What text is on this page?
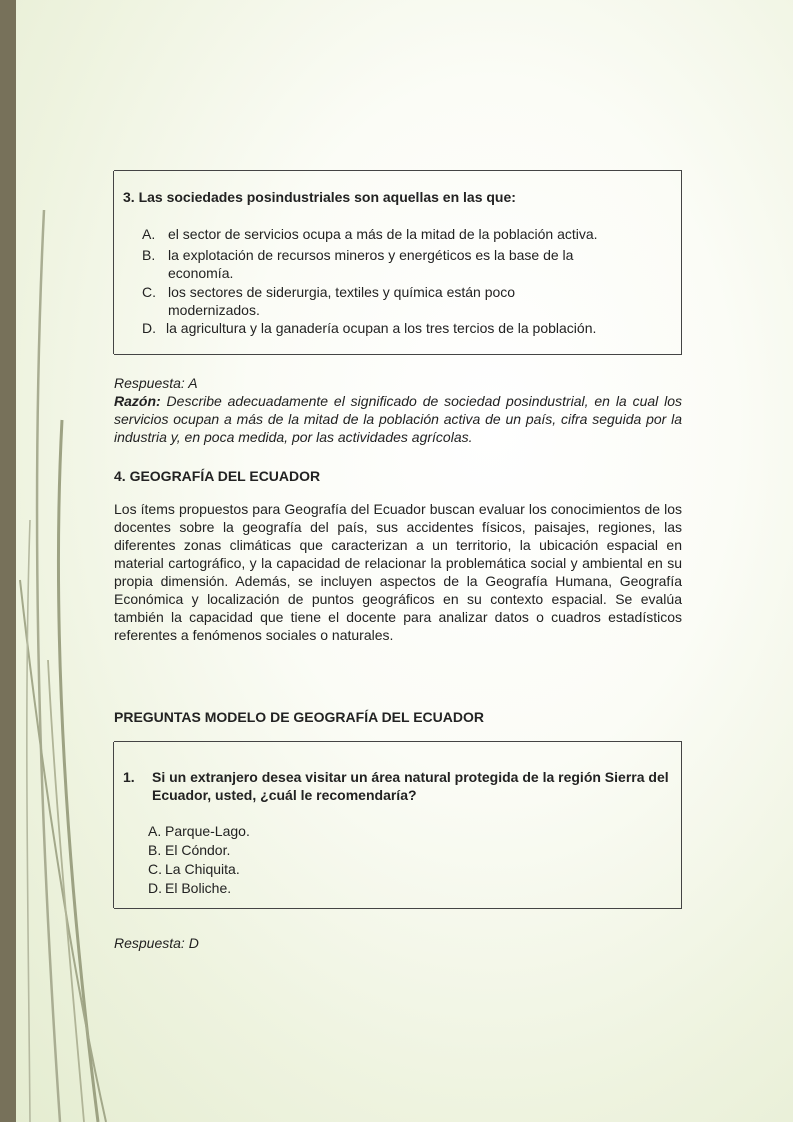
3. Las sociedades posindustriales son aquellas en las que:
A. el sector de servicios ocupa a más de la mitad de la población activa.
B. la explotación de recursos mineros y energéticos es la base de la economía.
C. los sectores de siderurgia, textiles y química están poco modernizados.
D. la agricultura y la ganadería ocupan a los tres tercios de la población.
Respuesta: A
Razón: Describe adecuadamente el significado de sociedad posindustrial, en la cual los servicios ocupan a más de la mitad de la población activa de un país, cifra seguida por la industria y, en poca medida, por las actividades agrícolas.
4. GEOGRAFÍA DEL ECUADOR
Los ítems propuestos para Geografía del Ecuador buscan evaluar los conocimientos de los docentes sobre la geografía del país, sus accidentes físicos, paisajes, regiones, las diferentes zonas climáticas que caracterizan a un territorio, la ubicación espacial en material cartográfico, y la capacidad de relacionar la problemática social y ambiental en su propia dimensión. Además, se incluyen aspectos de la Geografía Humana, Geografía Económica y localización de puntos geográficos en su contexto espacial. Se evalúa también la capacidad que tiene el docente para analizar datos o cuadros estadísticos referentes a fenómenos sociales o naturales.
PREGUNTAS MODELO DE GEOGRAFÍA DEL ECUADOR
1. Si un extranjero desea visitar un área natural protegida de la región Sierra del Ecuador, usted, ¿cuál le recomendaría?
A. Parque-Lago.
B. El Cóndor.
C. La Chiquita.
D. El Boliche.
Respuesta: D
